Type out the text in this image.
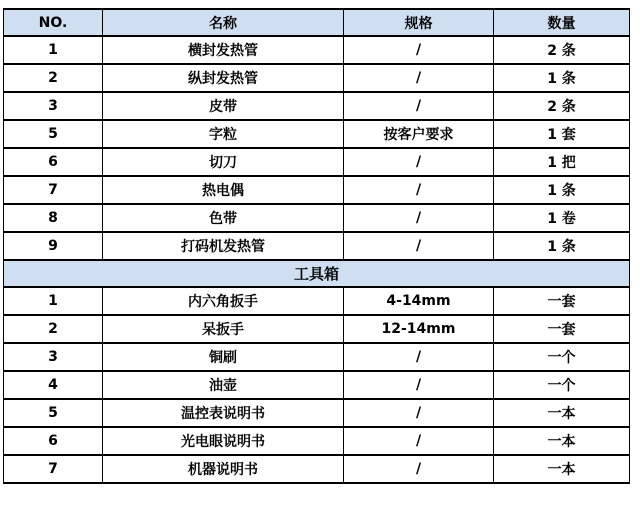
NO.	名称	规格	数量
1	横封发热管	/	2 条
2	纵封发热管	/	1 条
3	皮带	/	2 条
5	字粒	按客户要求	1 套
6	切刀	/	1 把
7	热电偶	/	1 条
8	色带	/	1 卷
9	打码机发热管	/	1 条
工具箱			
1	内六角扳手	4-14mm	一套
2	呆扳手	12-14mm	一套
3	铜刷	/	一个
4	油壶	/	一个
5	温控表说明书	/	一本
6	光电眼说明书	/	一本
7	机器说明书	/	一本
